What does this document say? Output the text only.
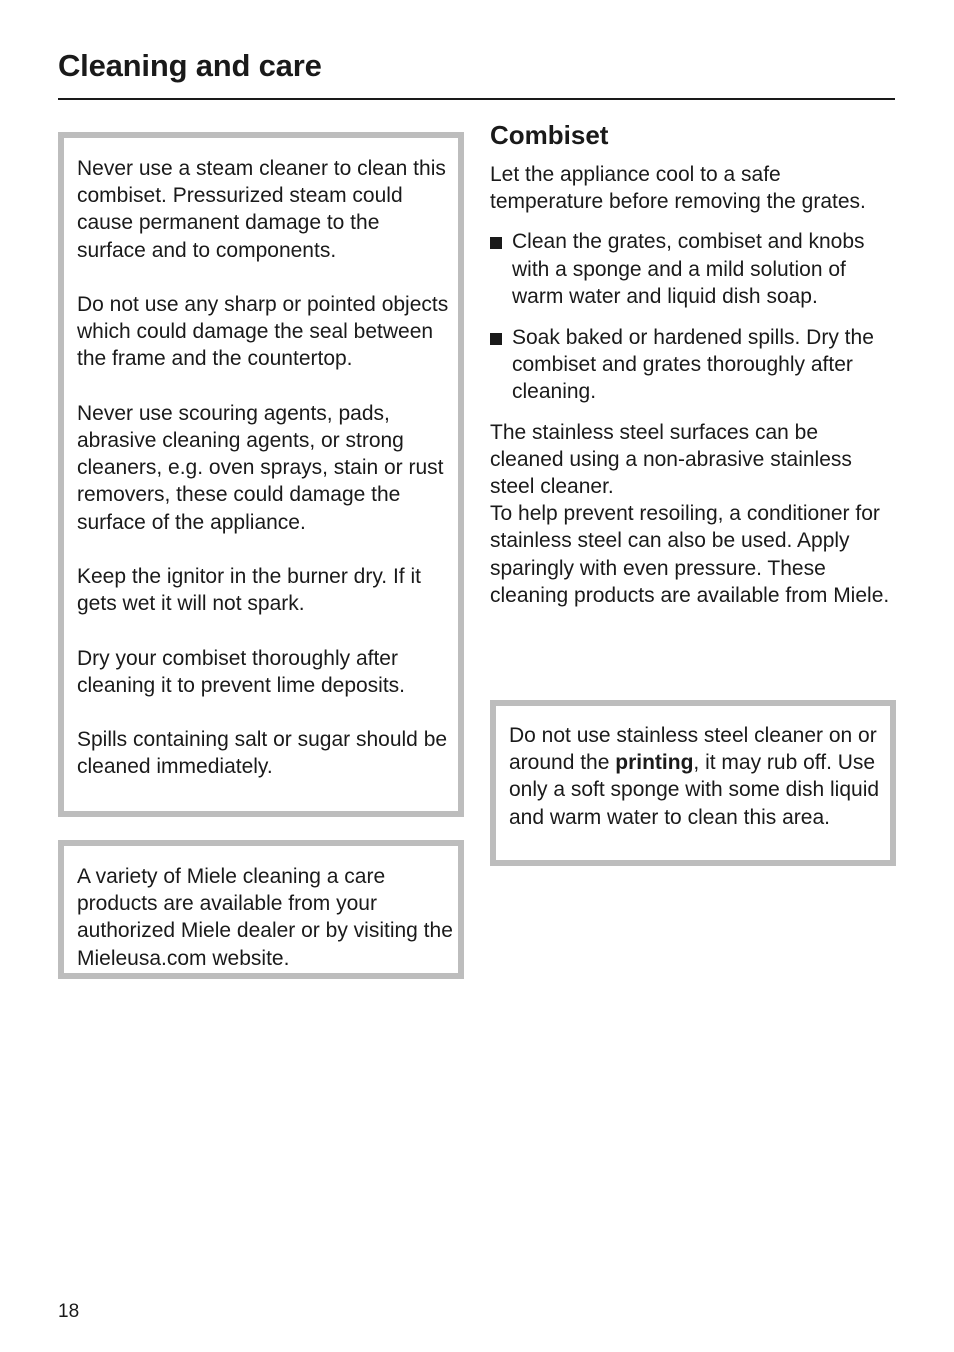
Cleaning and care

Never use a steam cleaner to clean this combiset. Pressurized steam could cause permanent damage to the surface and to components.

Do not use any sharp or pointed objects which could damage the seal between the frame and the countertop.

Never use scouring agents, pads, abrasive cleaning agents, or strong cleaners, e.g. oven sprays, stain or rust removers, these could damage the surface of the appliance.

Keep the ignitor in the burner dry. If it gets wet it will not spark.

Dry your combiset thoroughly after cleaning it to prevent lime deposits.

Spills containing salt or sugar should be cleaned immediately.

A variety of Miele cleaning a care products are available from your authorized Miele dealer or by visiting the Mieleusa.com website.

Combiset

Let the appliance cool to a safe temperature before removing the grates.

Clean the grates, combiset and knobs with a sponge and a mild solution of warm water and liquid dish soap.
Soak baked or hardened spills. Dry the combiset and grates thoroughly after cleaning.

The stainless steel surfaces can be cleaned using a non-abrasive stainless steel cleaner.

To help prevent resoiling, a conditioner for stainless steel can also be used. Apply sparingly with even pressure. These cleaning products are available from Miele.

Do not use stainless steel cleaner on or around the printing, it may rub off. Use only a soft sponge with some dish liquid and warm water to clean this area.

18
